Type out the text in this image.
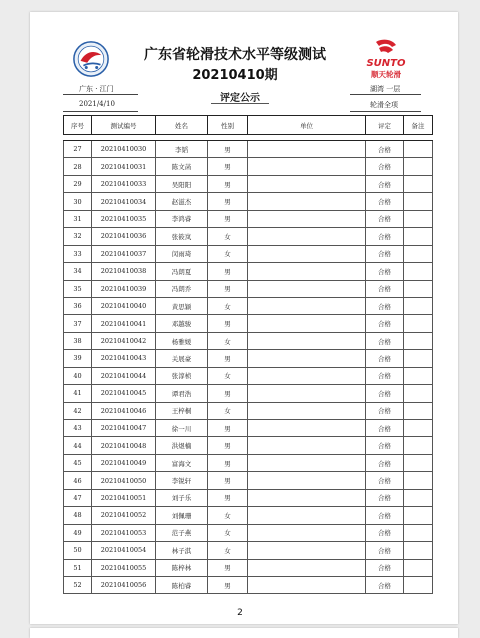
SUNTO
顺天轮滑
广东省轮滑技术水平等级测试
20210410期
广东 · 江门	湖湾 一层
评定公示
2021/4/10	轮滑全项
序号	测试编号	姓名	性别	单位	评定	备注

27	20210410030	李韬	男		合格	
28	20210410031	陈文菡	男		合格	
29	20210410033	吴阳阳	男		合格	
30	20210410034	赵滋杰	男		合格	
31	20210410035	李鸿睿	男		合格	
32	20210410036	张筱岚	女		合格	
33	20210410037	闵雨琦	女		合格	
34	20210410038	冯朗夏	男		合格	
35	20210410039	冯朗乔	男		合格	
36	20210410040	黄思颖	女		合格	
37	20210410041	邓越骏	男		合格	
38	20210410042	杨雅媛	女		合格	
39	20210410043	关展豪	男		合格	
40	20210410044	张淳桢	女		合格	
41	20210410045	谭君浩	男		合格	
42	20210410046	王梓桐	女		合格	
43	20210410047	徐一川	男		合格	
44	20210410048	洪煜楠	男		合格	
45	20210410049	富海文	男		合格	
46	20210410050	李锐轩	男		合格	
47	20210410051	刘子乐	男		合格	
48	20210410052	刘佩珊	女		合格	
49	20210410053	范子燕	女		合格	
50	20210410054	林子淇	女		合格	
51	20210410055	陈梓林	男		合格	
52	20210410056	陈柏睿	男		合格	
2
